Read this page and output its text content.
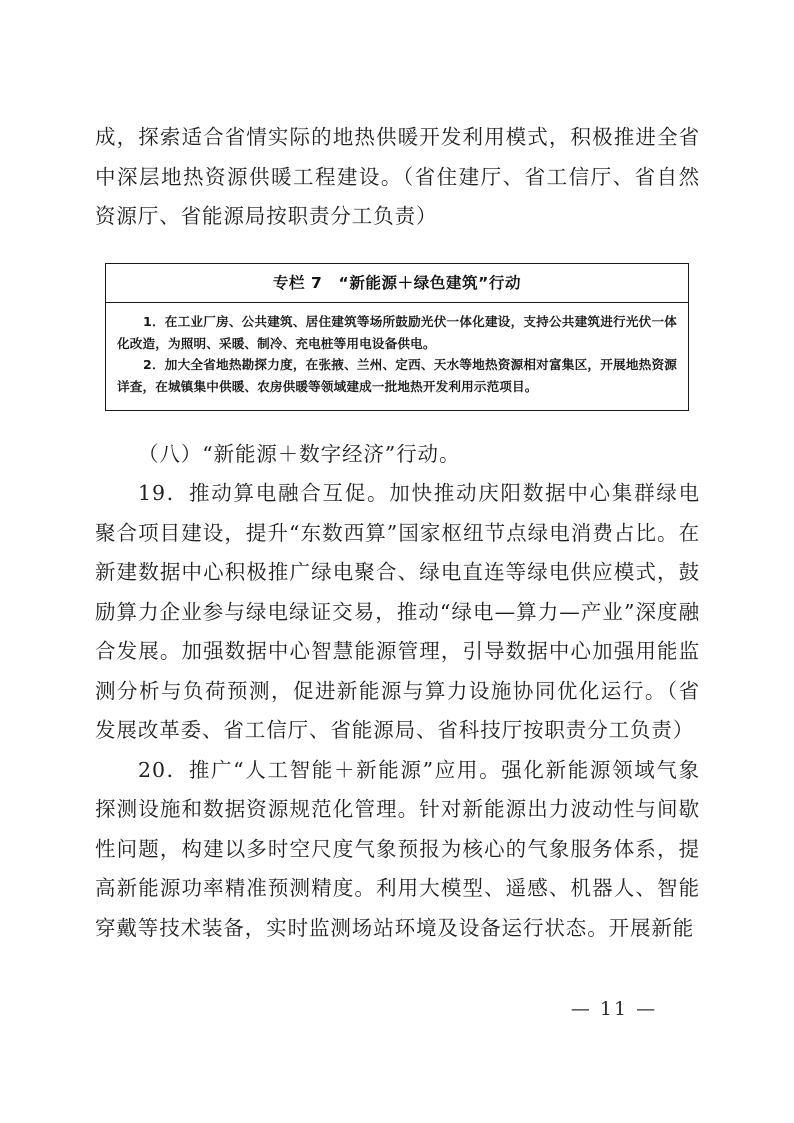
成，探索适合省情实际的地热供暖开发利用模式，积极推进全省中深层地热资源供暖工程建设。（省住建厅、省工信厅、省自然资源厅、省能源局按职责分工负责）

（八）“新能源＋数字经济”行动。

19．推动算电融合互促。加快推动庆阳数据中心集群绿电聚合项目建设，提升“东数西算”国家枢纽节点绿电消费占比。在新建数据中心积极推广绿电聚合、绿电直连等绿电供应模式，鼓励算力企业参与绿电绿证交易，推动“绿电—算力—产业”深度融合发展。加强数据中心智慧能源管理，引导数据中心加强用能监测分析与负荷预测，促进新能源与算力设施协同优化运行。（省发展改革委、省工信厅、省能源局、省科技厅按职责分工负责）

20．推广“人工智能＋新能源”应用。强化新能源领域气象探测设施和数据资源规范化管理。针对新能源出力波动性与间歇性问题，构建以多时空尺度气象预报为核心的气象服务体系，提高新能源功率精准预测精度。利用大模型、遥感、机器人、智能穿戴等技术装备，实时监测场站环境及设备运行状态。开展新能

专栏 7　“新能源＋绿色建筑”行动

1．在工业厂房、公共建筑、居住建筑等场所鼓励光伏一体化建设，支持公共建筑进行光伏一体化改造，为照明、采暖、制冷、充电桩等用电设备供电。

2．加大全省地热勘探力度，在张掖、兰州、定西、天水等地热资源相对富集区，开展地热资源详查，在城镇集中供暖、农房供暖等领域建成一批地热开发利用示范项目。

— 11 —
